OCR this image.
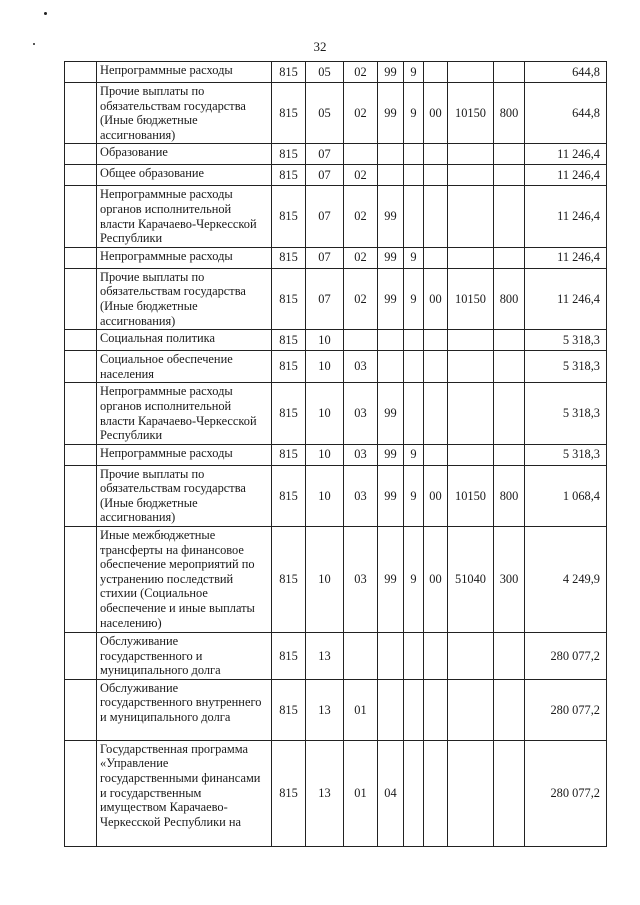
32
	Непрограммные расходы	815	05	02	99	9				644,8
	Прочие выплаты по обязательствам государства (Иные бюджетные ассигнования)	815	05	02	99	9	00	10150	800	644,8
	Образование	815	07							11 246,4
	Общее образование	815	07	02						11 246,4
	Непрограммные расходы органов исполнительной власти Карачаево-Черкесской Республики	815	07	02	99					11 246,4
	Непрограммные расходы	815	07	02	99	9				11 246,4
	Прочие выплаты по обязательствам государства (Иные бюджетные ассигнования)	815	07	02	99	9	00	10150	800	11 246,4
	Социальная политика	815	10							5 318,3
	Социальное обеспечение населения	815	10	03						5 318,3
	Непрограммные расходы органов исполнительной власти Карачаево-Черкесской Республики	815	10	03	99					5 318,3
	Непрограммные расходы	815	10	03	99	9				5 318,3
	Прочие выплаты по обязательствам государства (Иные бюджетные ассигнования)	815	10	03	99	9	00	10150	800	1 068,4
	Иные межбюджетные трансферты на финансовое обеспечение мероприятий по устранению последствий стихии (Социальное обеспечение и иные выплаты населению)	815	10	03	99	9	00	51040	300	4 249,9
	Обслуживание государственного и муниципального долга	815	13							280 077,2
	Обслуживание государственного внутреннего и муниципального долга	815	13	01						280 077,2
	Государственная программа «Управление государственными финансами и государственным имуществом Карачаево-Черкесской Республики на	815	13	01	04					280 077,2
